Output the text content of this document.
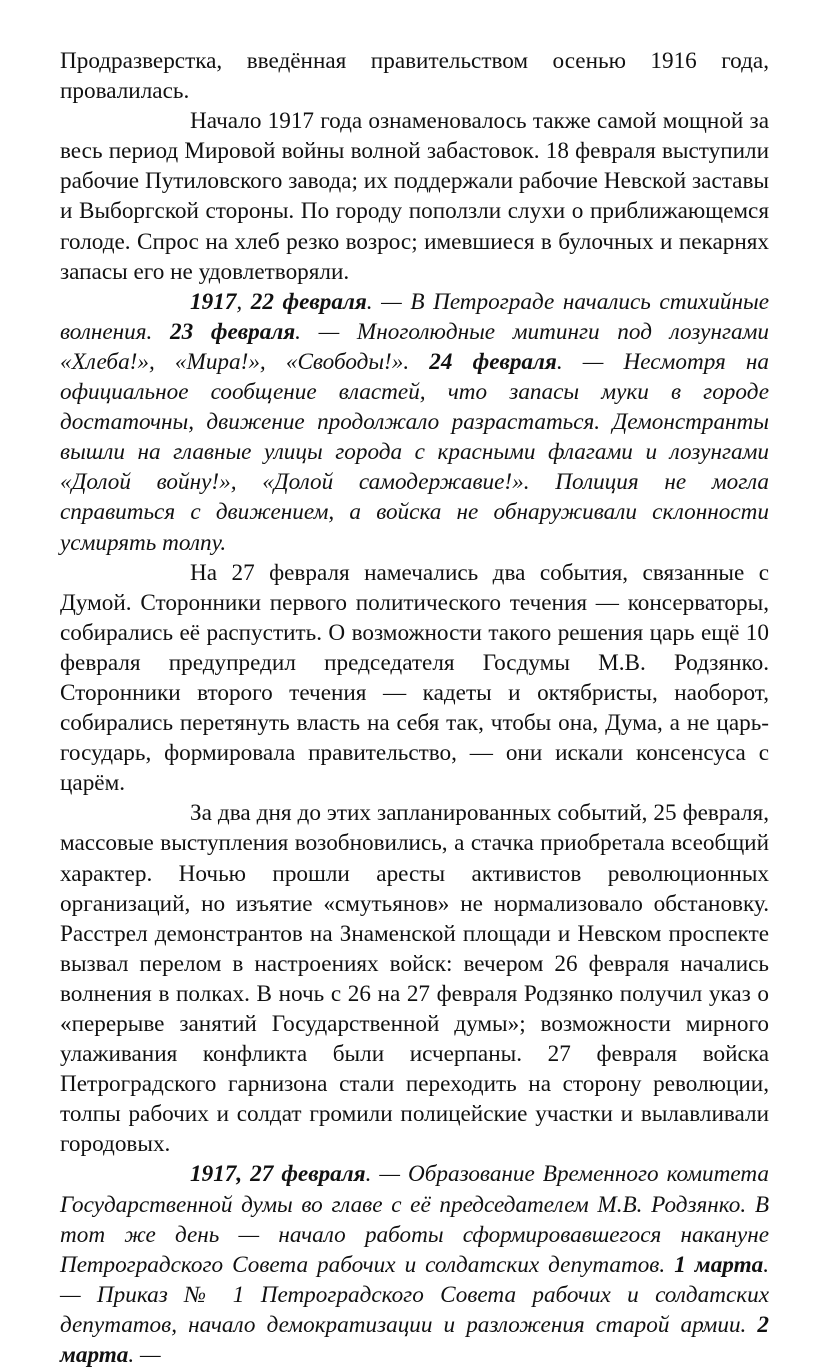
Продразверстка, введённая правительством осенью 1916 года, провалилась.

Начало 1917 года ознаменовалось также самой мощной за весь период Мировой войны волной забастовок. 18 февраля выступили рабочие Путиловского завода; их поддержали рабочие Невской заставы и Выборгской стороны. По городу поползли слухи о приближающемся голоде. Спрос на хлеб резко возрос; имевшиеся в булочных и пекарнях запасы его не удовлетворяли.

1917, 22 февраля. — В Петрограде начались стихийные волнения. 23 февраля. — Многолюдные митинги под лозунгами «Хлеба!», «Мира!», «Свободы!». 24 февраля. — Несмотря на официальное сообщение властей, что запасы муки в городе достаточны, движение продолжало разрастаться. Демонстранты вышли на главные улицы города с красными флагами и лозунгами «Долой войну!», «Долой самодержавие!». Полиция не могла справиться с движением, а войска не обнаруживали склонности усмирять толпу.

На 27 февраля намечались два события, связанные с Думой. Сторонники первого политического течения — консерваторы, собирались её распустить. О возможности такого решения царь ещё 10 февраля предупредил председателя Госдумы М.В. Родзянко. Сторонники второго течения — кадеты и октябристы, наоборот, собирались перетянуть власть на себя так, чтобы она, Дума, а не царь-государь, формировала правительство, — они искали консенсуса с царём.

За два дня до этих запланированных событий, 25 февраля, массовые выступления возобновились, а стачка приобретала всеобщий характер. Ночью прошли аресты активистов революционных организаций, но изъятие «смутьянов» не нормализовало обстановку. Расстрел демонстрантов на Знаменской площади и Невском проспекте вызвал перелом в настроениях войск: вечером 26 февраля начались волнения в полках. В ночь с 26 на 27 февраля Родзянко получил указ о «перерыве занятий Государственной думы»; возможности мирного улаживания конфликта были исчерпаны. 27 февраля войска Петроградского гарнизона стали переходить на сторону революции, толпы рабочих и солдат громили полицейские участки и вылавливали городовых.

1917, 27 февраля. — Образование Временного комитета Государственной думы во главе с её председателем М.В. Родзянко. В тот же день — начало работы сформировавшегося накануне Петроградского Совета рабочих и солдатских депутатов. 1 марта. — Приказ № 1 Петроградского Совета рабочих и солдатских депутатов, начало демократизации и разложения старой армии. 2 марта. —
